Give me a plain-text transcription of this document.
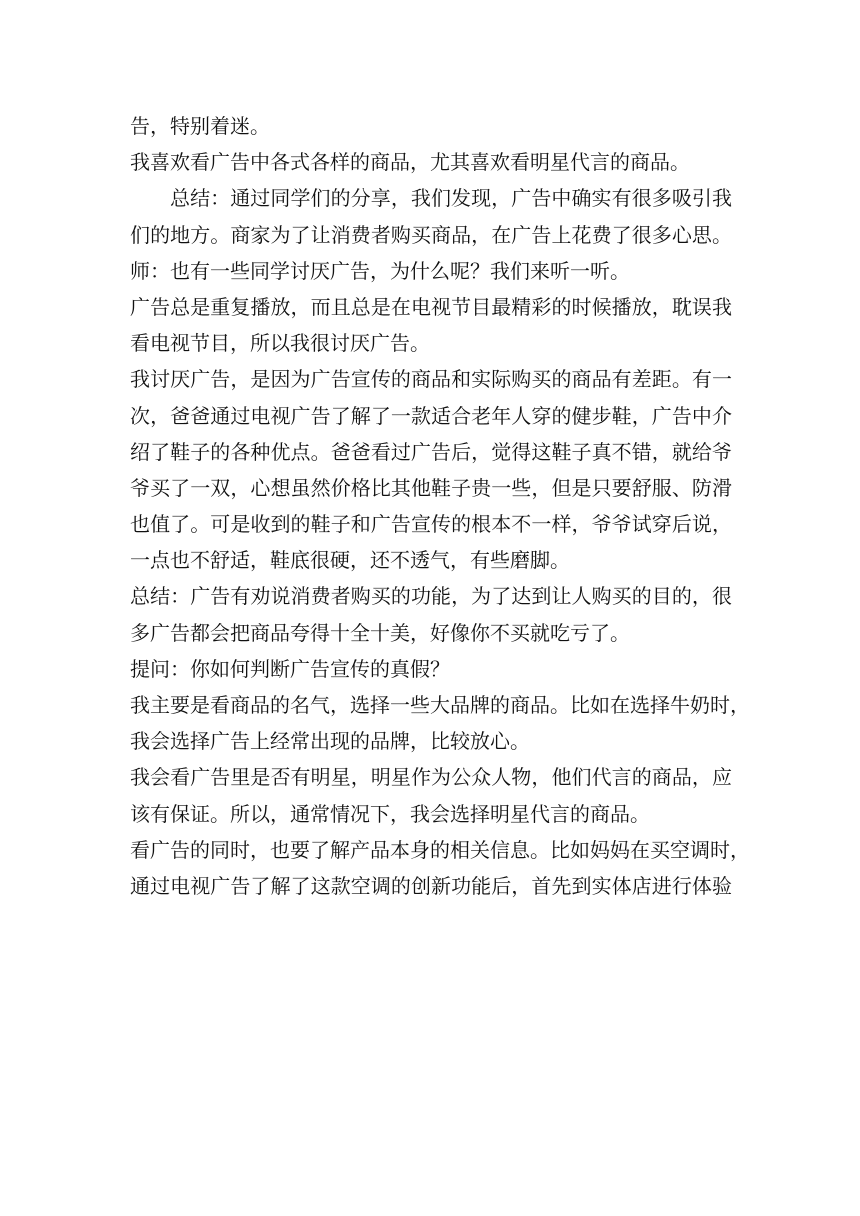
告，特别着迷。
我喜欢看广告中各式各样的商品，尤其喜欢看明星代言的商品。
总结：通过同学们的分享，我们发现，广告中确实有很多吸引我
们的地方。商家为了让消费者购买商品，在广告上花费了很多心思。
师：也有一些同学讨厌广告，为什么呢？我们来听一听。
广告总是重复播放，而且总是在电视节目最精彩的时候播放，耽误我
看电视节目，所以我很讨厌广告。
我讨厌广告，是因为广告宣传的商品和实际购买的商品有差距。有一
次，爸爸通过电视广告了解了一款适合老年人穿的健步鞋，广告中介
绍了鞋子的各种优点。爸爸看过广告后，觉得这鞋子真不错，就给爷
爷买了一双，心想虽然价格比其他鞋子贵一些，但是只要舒服、防滑
也值了。可是收到的鞋子和广告宣传的根本不一样，爷爷试穿后说，
一点也不舒适，鞋底很硬，还不透气，有些磨脚。
总结：广告有劝说消费者购买的功能，为了达到让人购买的目的，很
多广告都会把商品夸得十全十美，好像你不买就吃亏了。
提问：你如何判断广告宣传的真假？
我主要是看商品的名气，选择一些大品牌的商品。比如在选择牛奶时，
我会选择广告上经常出现的品牌，比较放心。
我会看广告里是否有明星，明星作为公众人物，他们代言的商品，应
该有保证。所以，通常情况下，我会选择明星代言的商品。
看广告的同时，也要了解产品本身的相关信息。比如妈妈在买空调时，
通过电视广告了解了这款空调的创新功能后，首先到实体店进行体验
